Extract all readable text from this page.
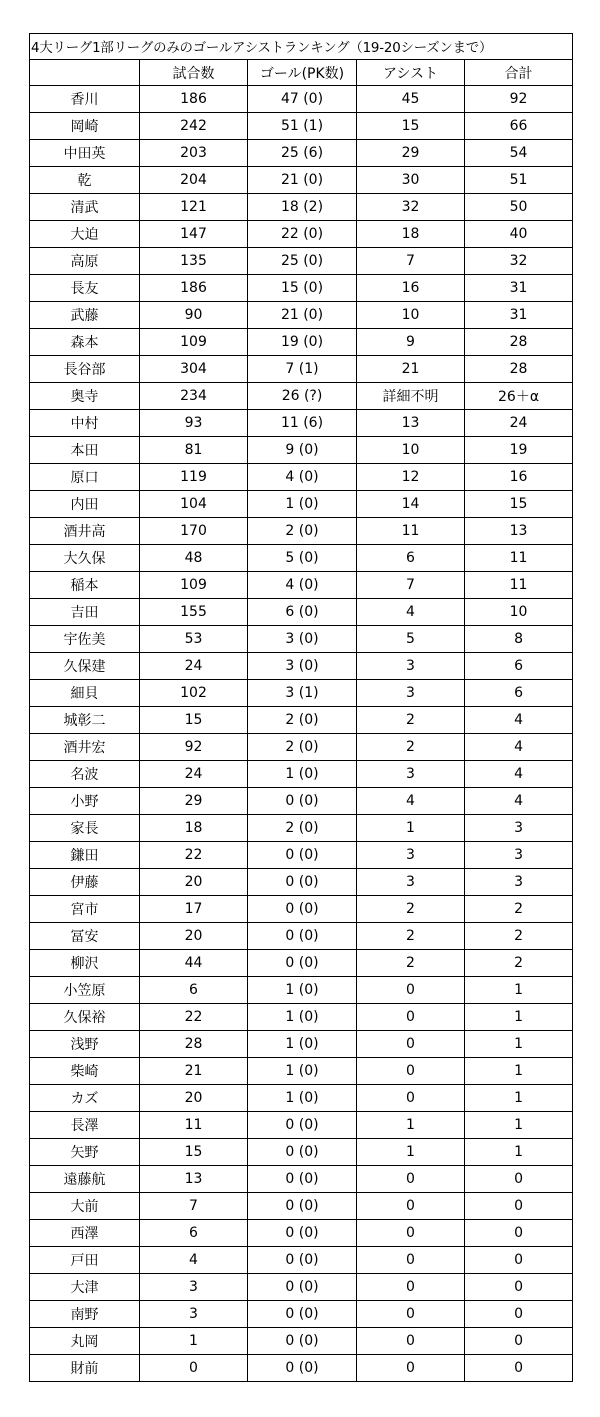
4大リーグ1部リーグのみのゴールアシストランキング（19-20シーズンまで）				
	試合数	ゴール(PK数)	アシスト	合計
香川	186	47 (0)	45	92
岡崎	242	51 (1)	15	66
中田英	203	25 (6)	29	54
乾	204	21 (0)	30	51
清武	121	18 (2)	32	50
大迫	147	22 (0)	18	40
高原	135	25 (0)	7	32
長友	186	15 (0)	16	31
武藤	90	21 (0)	10	31
森本	109	19 (0)	9	28
長谷部	304	7 (1)	21	28
奥寺	234	26 (?)	詳細不明	26＋α
中村	93	11 (6)	13	24
本田	81	9 (0)	10	19
原口	119	4 (0)	12	16
内田	104	1 (0)	14	15
酒井高	170	2 (0)	11	13
大久保	48	5 (0)	6	11
稲本	109	4 (0)	7	11
吉田	155	6 (0)	4	10
宇佐美	53	3 (0)	5	8
久保建	24	3 (0)	3	6
細貝	102	3 (1)	3	6
城彰二	15	2 (0)	2	4
酒井宏	92	2 (0)	2	4
名波	24	1 (0)	3	4
小野	29	0 (0)	4	4
家長	18	2 (0)	1	3
鎌田	22	0 (0)	3	3
伊藤	20	0 (0)	3	3
宮市	17	0 (0)	2	2
冨安	20	0 (0)	2	2
柳沢	44	0 (0)	2	2
小笠原	6	1 (0)	0	1
久保裕	22	1 (0)	0	1
浅野	28	1 (0)	0	1
柴崎	21	1 (0)	0	1
カズ	20	1 (0)	0	1
長澤	11	0 (0)	1	1
矢野	15	0 (0)	1	1
遠藤航	13	0 (0)	0	0
大前	7	0 (0)	0	0
西澤	6	0 (0)	0	0
戸田	4	0 (0)	0	0
大津	3	0 (0)	0	0
南野	3	0 (0)	0	0
丸岡	1	0 (0)	0	0
財前	0	0 (0)	0	0
